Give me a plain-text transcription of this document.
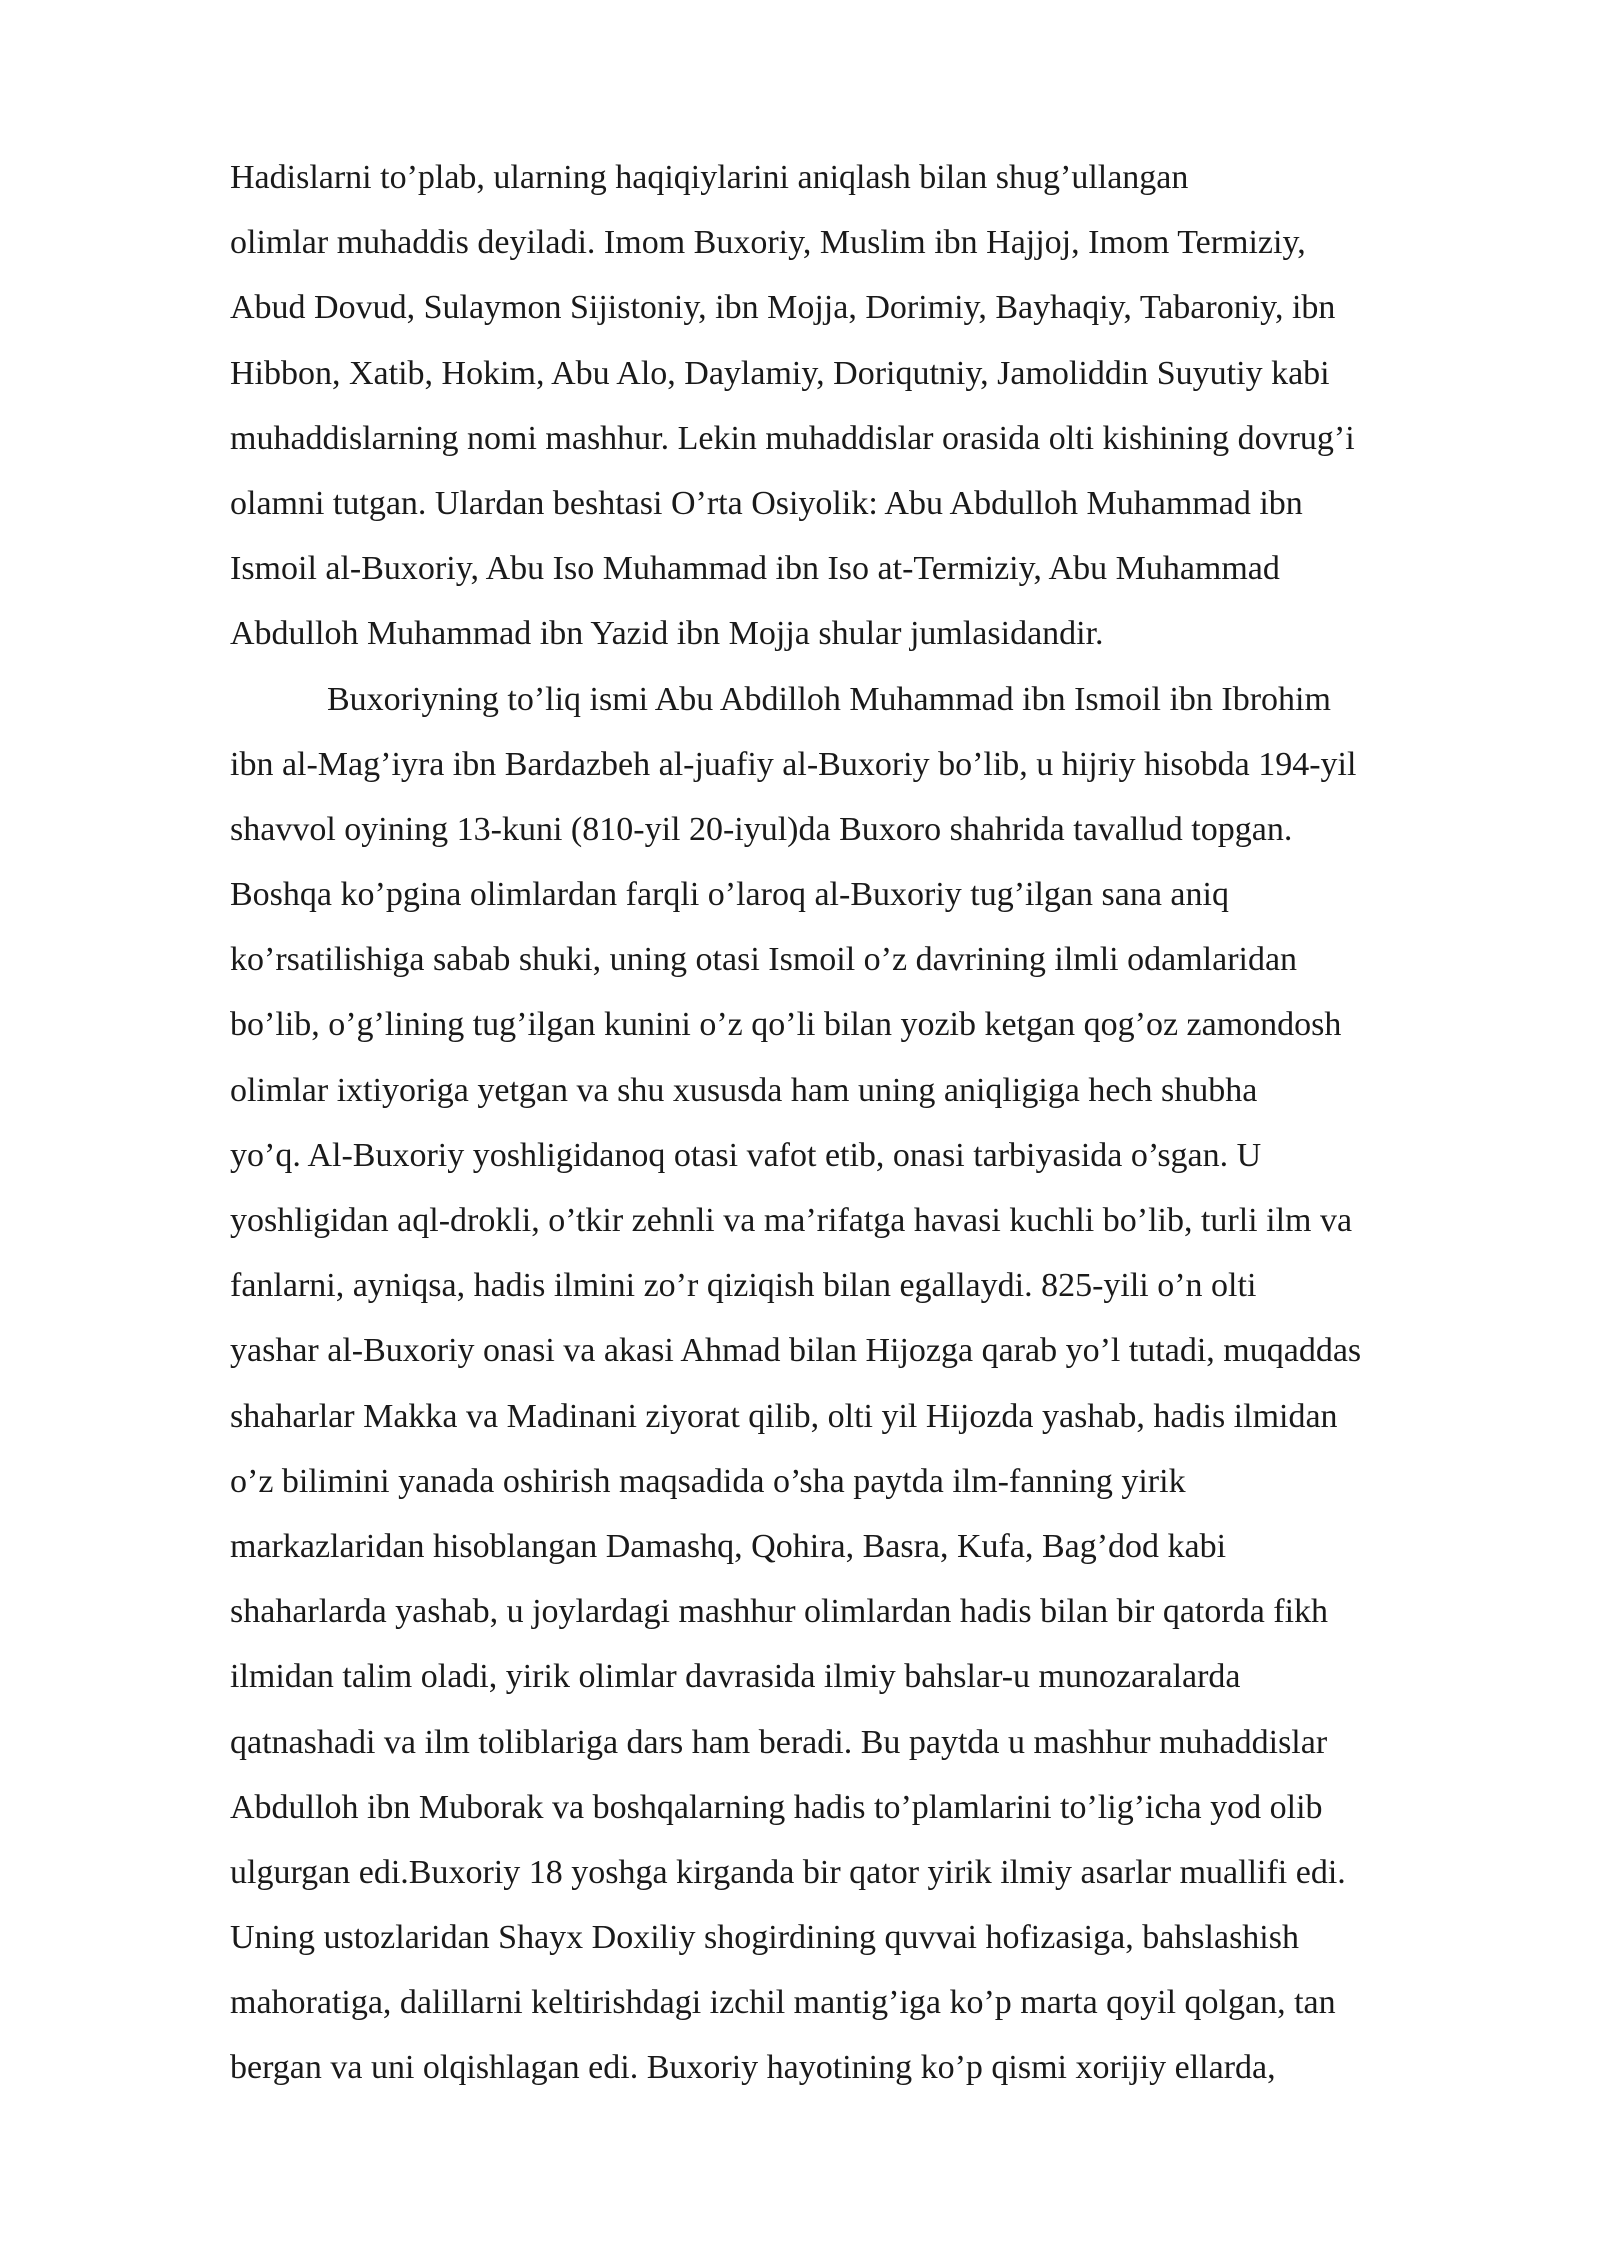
Hadislarni to’plab, ularning haqiqiylarini aniqlash bilan shug’ullangan
olimlar muhaddis deyiladi. Imom Buxoriy, Muslim ibn Hajjoj, Imom Termiziy,
Abud Dovud, Sulaymon Sijistoniy, ibn Mojja, Dorimiy, Bayhaqiy, Tabaroniy, ibn
Hibbon, Xatib, Hokim, Abu Alo, Daylamiy, Doriqutniy, Jamoliddin Suyutiy kabi
muhaddislarning nomi mashhur. Lekin muhaddislar orasida olti kishining dovrug’i
olamni tutgan. Ulardan beshtasi O’rta Osiyolik: Abu Abdulloh Muhammad ibn
Ismoil al-Buxoriy, Abu Iso Muhammad ibn Iso at-Termiziy, Abu Muhammad
Abdulloh Muhammad ibn Yazid ibn Mojja shular jumlasidandir.
Buxoriyning to’liq ismi Abu Abdilloh Muhammad ibn Ismoil ibn Ibrohim
ibn al-Mag’iyra ibn Bardazbeh al-juafiy al-Buxoriy bo’lib, u hijriy hisobda 194-yil
shavvol oyining 13-kuni (810-yil 20-iyul)da Buxoro shahrida tavallud topgan.
Boshqa ko’pgina olimlardan farqli o’laroq al-Buxoriy tug’ilgan sana aniq
ko’rsatilishiga sabab shuki, uning otasi Ismoil o’z davrining ilmli odamlaridan
bo’lib, o’g’lining tug’ilgan kunini o’z qo’li bilan yozib ketgan qog’oz zamondosh
olimlar ixtiyoriga yetgan va shu xususda ham uning aniqligiga hech shubha
yo’q. Al-Buxoriy yoshligidanoq otasi vafot etib, onasi tarbiyasida o’sgan. U
yoshligidan aql-drokli, o’tkir zehnli va ma’rifatga havasi kuchli bo’lib, turli ilm va
fanlarni, ayniqsa, hadis ilmini zo’r qiziqish bilan egallaydi. 825-yili o’n olti
yashar al-Buxoriy onasi va akasi Ahmad bilan Hijozga qarab yo’l tutadi, muqaddas
shaharlar Makka va Madinani ziyorat qilib, olti yil Hijozda yashab, hadis ilmidan
o’z bilimini yanada oshirish maqsadida o’sha paytda ilm-fanning yirik
markazlaridan hisoblangan Damashq, Qohira, Basra, Kufa, Bag’dod kabi
shaharlarda yashab, u joylardagi mashhur olimlardan hadis bilan bir qatorda fikh
ilmidan talim oladi, yirik olimlar davrasida ilmiy bahslar-u munozaralarda
qatnashadi va ilm toliblariga dars ham beradi. Bu paytda u mashhur muhaddislar
Abdulloh ibn Muborak va boshqalarning hadis to’plamlarini to’lig’icha yod olib
ulgurgan edi.Buxoriy 18 yoshga kirganda bir qator yirik ilmiy asarlar muallifi edi.
Uning ustozlaridan Shayx Doxiliy shogirdining quvvai hofizasiga, bahslashish
mahoratiga, dalillarni keltirishdagi izchil mantig’iga ko’p marta qoyil qolgan, tan
bergan va uni olqishlagan edi. Buxoriy hayotining ko’p qismi xorijiy ellarda,
